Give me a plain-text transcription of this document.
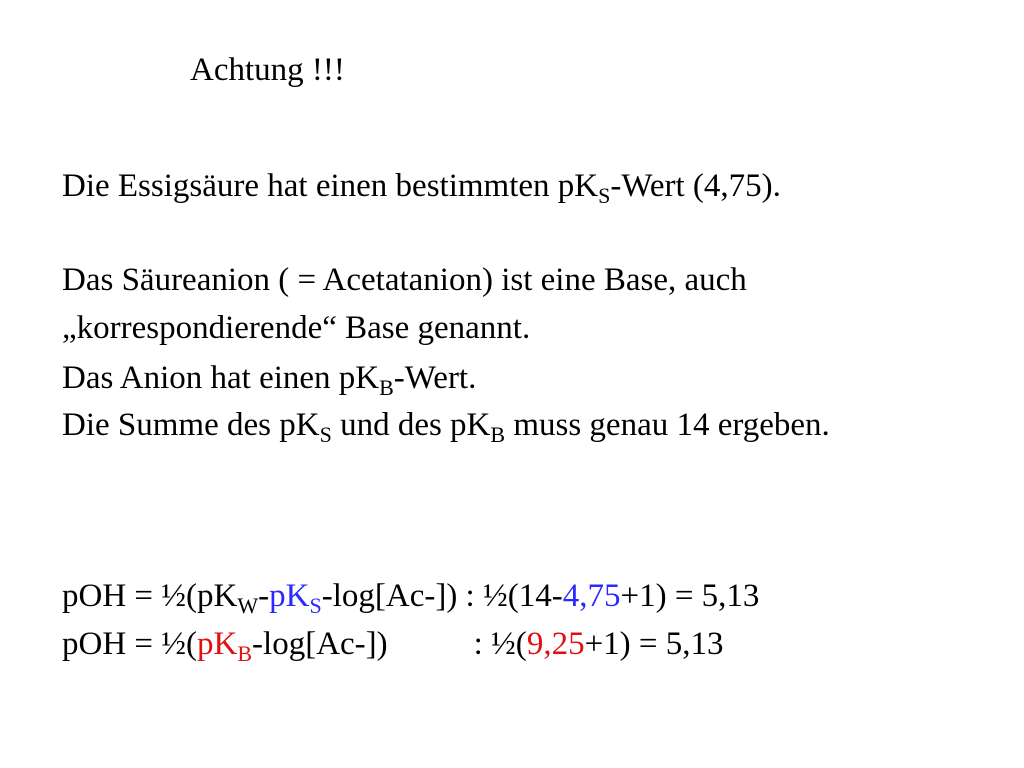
Achtung !!!
Die Essigsäure hat einen bestimmten $pK_S$-Wert (4,75).
Das Säureanion ( = Acetatanion) ist eine Base, auch
„korrespondierende“ Base genannt.
Das Anion hat einen $pK_B$-Wert.
Die Summe des $pK_S$ und des $pK_B$ muss genau 14 ergeben.
pOH = $\frac{1}{2}(pK_W-pK_S-\log[Ac-])$ : ½(14-4,75+1) = 5,13
pOH = $\frac{1}{2}(pK_B-\log[Ac-])$	: ½(9,25+1) = 5,13
